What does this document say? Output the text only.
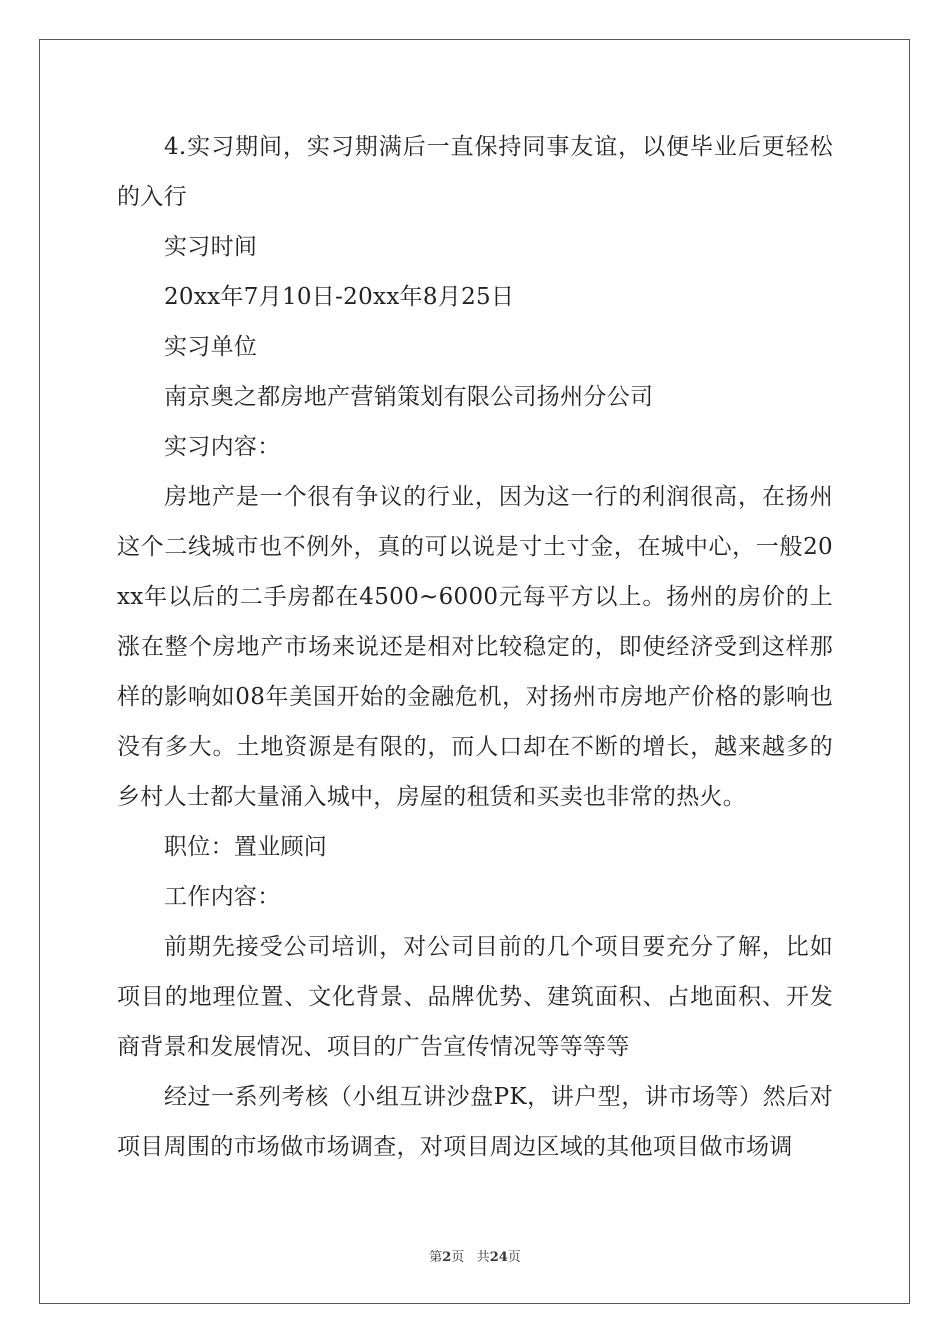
4.实习期间，实习期满后一直保持同事友谊，以便毕业后更轻松的入行

实习时间

20xx年7月10日-20xx年8月25日

实习单位

南京奥之都房地产营销策划有限公司扬州分公司

实习内容：

房地产是一个很有争议的行业，因为这一行的利润很高，在扬州这个二线城市也不例外，真的可以说是寸土寸金，在城中心，一般20xx年以后的二手房都在4500~6000元每平方以上。扬州的房价的上涨在整个房地产市场来说还是相对比较稳定的，即使经济受到这样那样的影响如08年美国开始的金融危机，对扬州市房地产价格的影响也没有多大。土地资源是有限的，而人口却在不断的增长，越来越多的乡村人士都大量涌入城中，房屋的租赁和买卖也非常的热火。

职位：置业顾问

工作内容：

前期先接受公司培训，对公司目前的几个项目要充分了解，比如项目的地理位置、文化背景、品牌优势、建筑面积、占地面积、开发商背景和发展情况、项目的广告宣传情况等等等等

经过一系列考核（小组互讲沙盘PK，讲户型，讲市场等）然后对项目周围的市场做市场调查，对项目周边区域的其他项目做市场调

第2页 共24页
